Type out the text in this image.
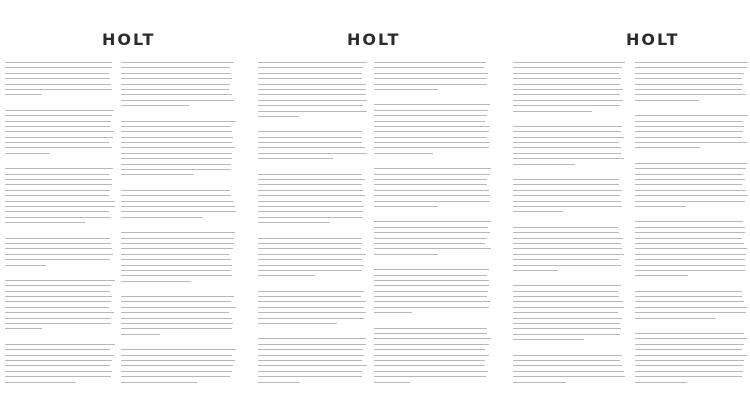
HOLT	HOLT	HOLT
